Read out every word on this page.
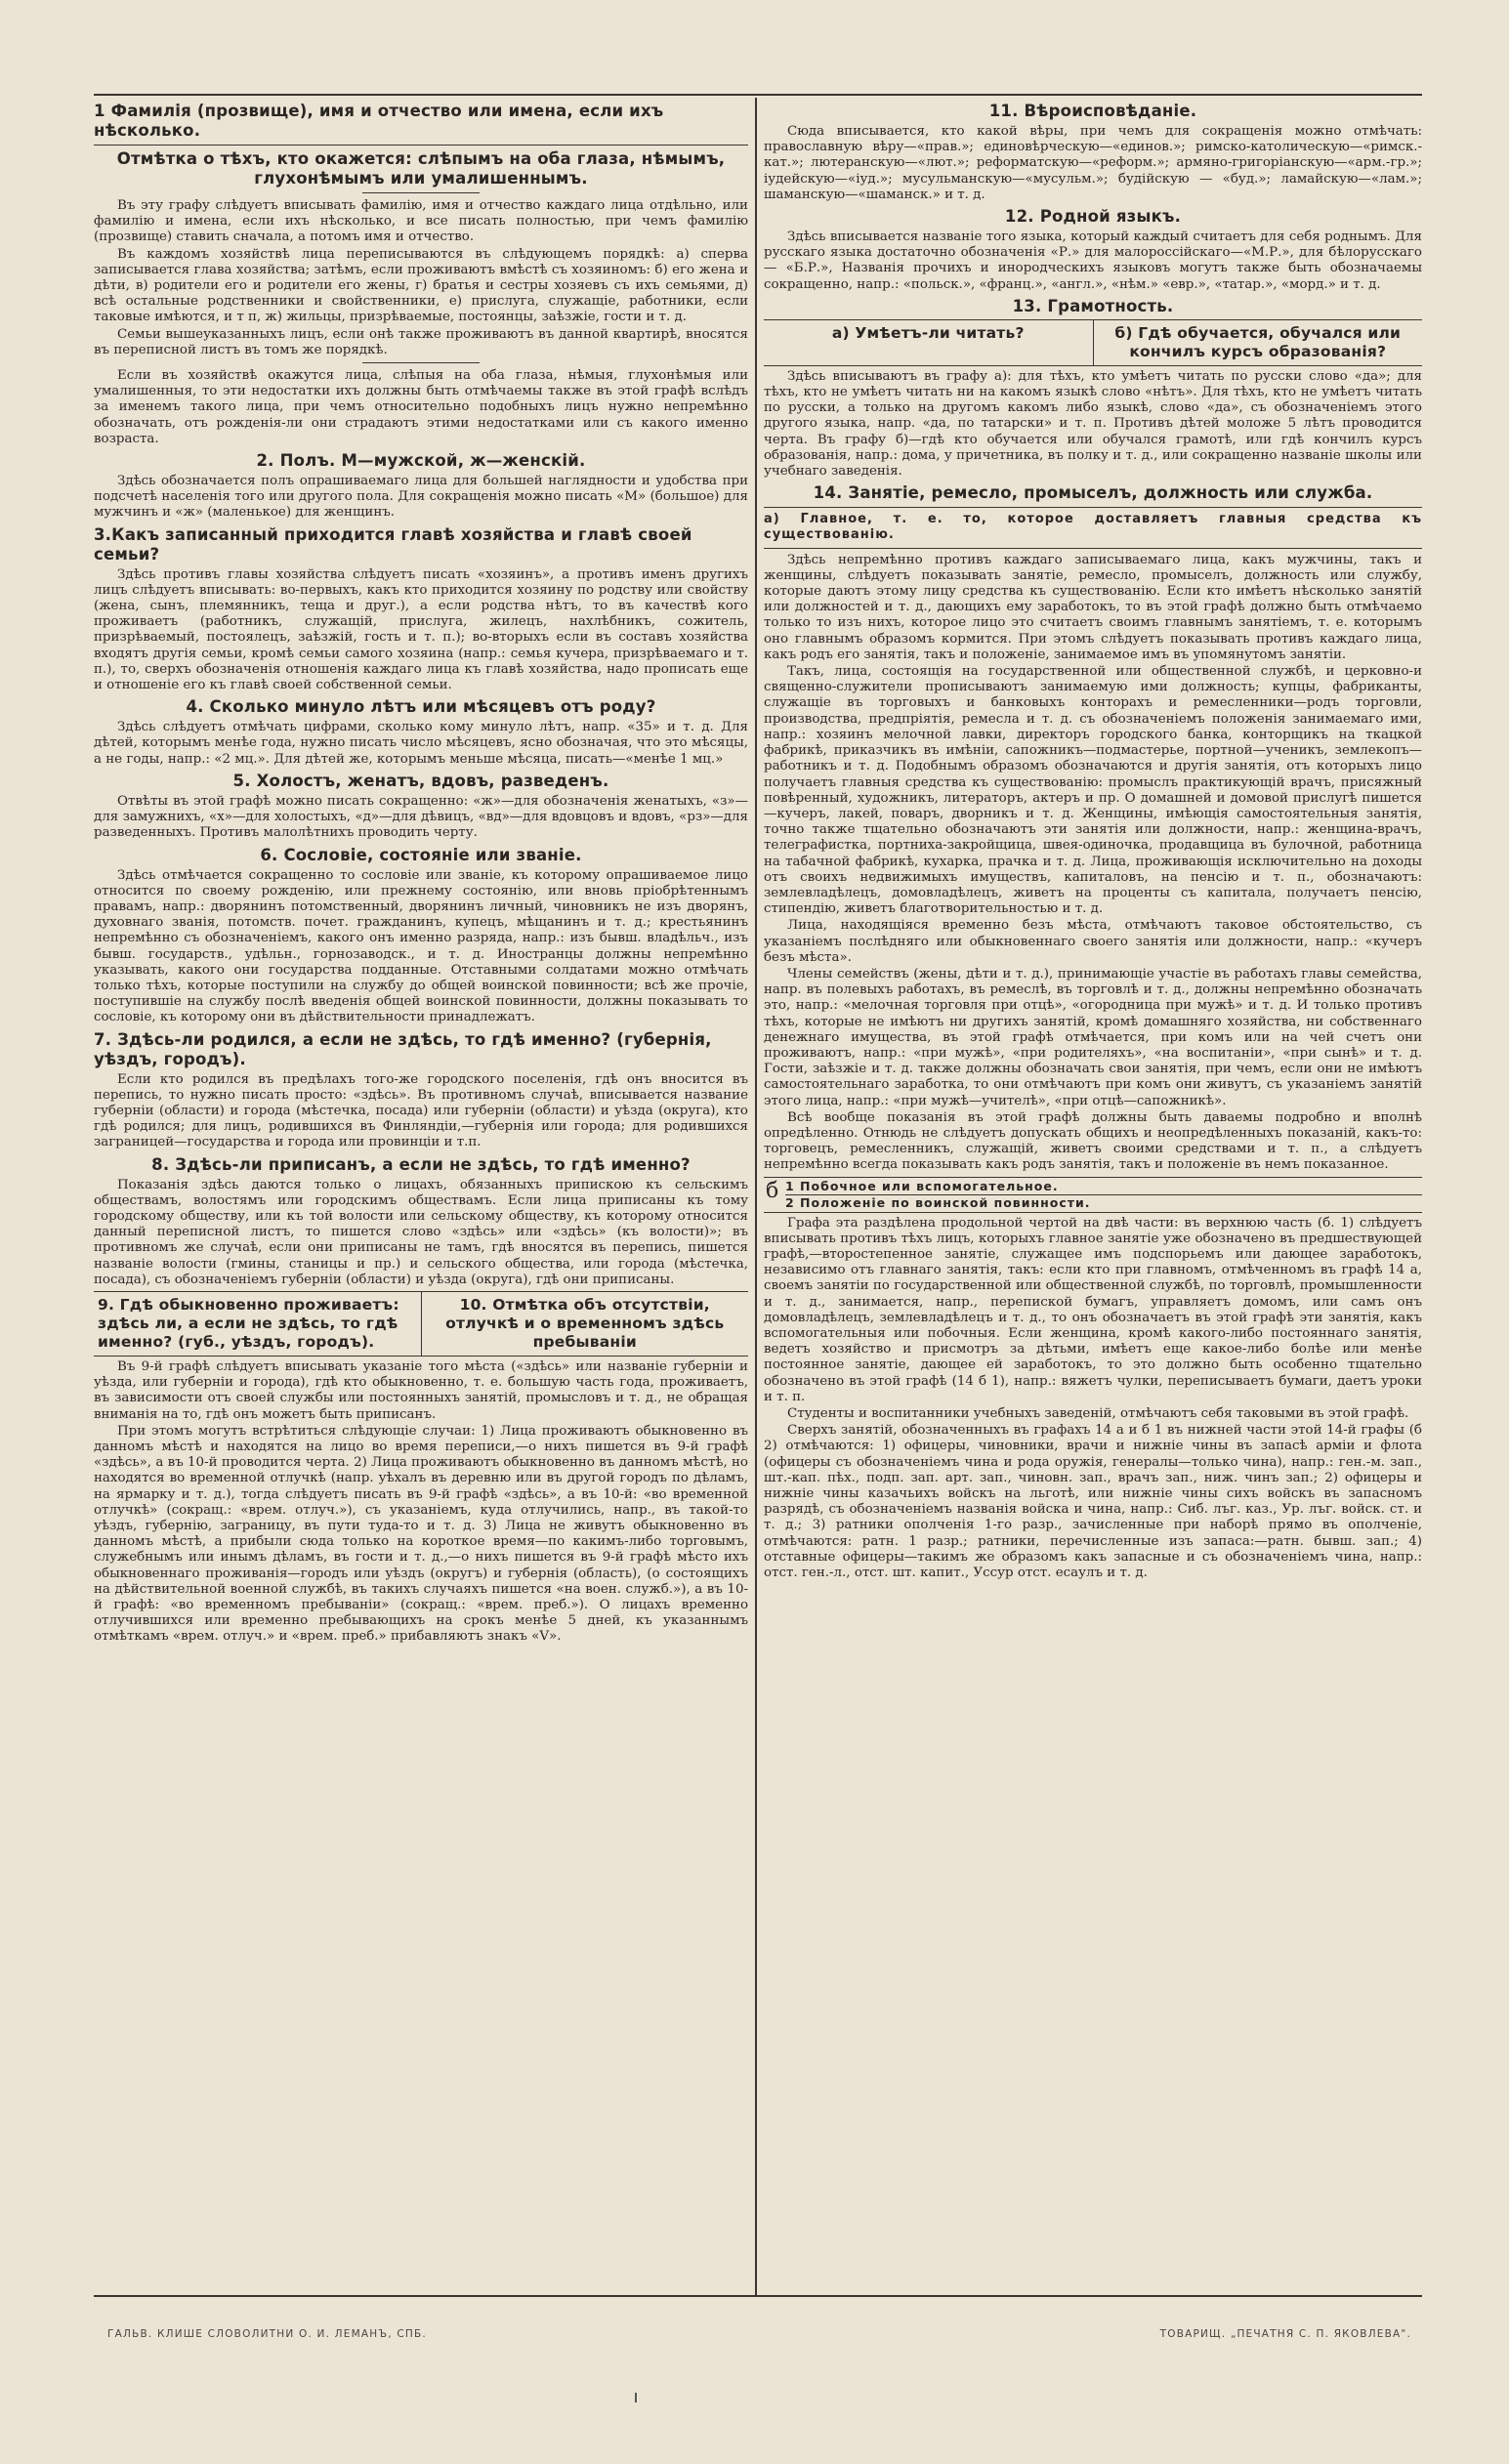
1 Фамилія (прозвище), имя и отчество или имена, если ихъ нѣсколько.
Отмѣтка о тѣхъ, кто окажется: слѣпымъ на оба глаза, нѣмымъ, глухонѣмымъ или умалишеннымъ.

Въ эту графу слѣдуетъ вписывать фамилію, имя и отчество каждаго лица отдѣльно, или фамилію и имена, если ихъ нѣсколько, и все писать полностью, при чемъ фамилію (прозвище) ставить сначала, а потомъ имя и отчество.

Въ каждомъ хозяйствѣ лица переписываются въ слѣдующемъ порядкѣ: а) сперва записывается глава хозяйства; затѣмъ, если проживаютъ вмѣстѣ съ хозяиномъ: б) его жена и дѣти, в) родители его и родители его жены, г) братья и сестры хозяевъ съ ихъ семьями, д) всѣ остальные родственники и свойственники, е) прислуга, служащіе, работники, если таковые имѣются, и т п, ж) жильцы, призрѣваемые, постоянцы, заѣзжіе, гости и т. д.

Семьи вышеуказанныхъ лицъ, если онѣ также проживаютъ въ данной квартирѣ, вносятся въ переписной листъ въ томъ же порядкѣ.

Если въ хозяйствѣ окажутся лица, слѣпыя на оба глаза, нѣмыя, глухонѣмыя или умалишенныя, то эти недостатки ихъ должны быть отмѣчаемы также въ этой графѣ вслѣдъ за именемъ такого лица, при чемъ относительно подобныхъ лицъ нужно непремѣнно обозначать, отъ рожденія-ли они страдаютъ этими недостатками или съ какого именно возраста.

2. Полъ. М—мужской, ж—женскій.

Здѣсь обозначается полъ опрашиваемаго лица для большей наглядности и удобства при подсчетѣ населенія того или другого пола. Для сокращенія можно писать «М» (большое) для мужчинъ и «ж» (маленькое) для женщинъ.

3.Какъ записанный приходится главѣ хозяйства и главѣ своей семьи?

Здѣсь противъ главы хозяйства слѣдуетъ писать «хозяинъ», а противъ именъ другихъ лицъ слѣдуетъ вписывать: во-первыхъ, какъ кто приходится хозяину по родству или свойству (жена, сынъ, племянникъ, теща и друг.), а если родства нѣтъ, то въ качествѣ кого проживаетъ (работникъ, служащій, прислуга, жилецъ, нахлѣбникъ, сожитель, призрѣваемый, постоялецъ, заѣзжій, гость и т. п.); во-вторыхъ если въ составъ хозяйства входятъ другія семьи, кромѣ семьи самого хозяина (напр.: семья кучера, призрѣваемаго и т. п.), то, сверхъ обозначенія отношенія каждаго лица къ главѣ хозяйства, надо прописать еще и отношеніе его къ главѣ своей собственной семьи.

4. Сколько минуло лѣтъ или мѣсяцевъ отъ роду?

Здѣсь слѣдуетъ отмѣчать цифрами, сколько кому минуло лѣтъ, напр. «35» и т. д. Для дѣтей, которымъ менѣе года, нужно писать число мѣсяцевъ, ясно обозначая, что это мѣсяцы, а не годы, напр.: «2 мц.». Для дѣтей же, которымъ меньше мѣсяца, писать—«менѣе 1 мц.»

5. Холостъ, женатъ, вдовъ, разведенъ.

Отвѣты въ этой графѣ можно писать сокращенно: «ж»—для обозначенія женатыхъ, «з»—для замужнихъ, «х»—для холостыхъ, «д»—для дѣвицъ, «вд»—для вдовцовъ и вдовъ, «рз»—для разведенныхъ. Противъ малолѣтнихъ проводить черту.

6. Сословіе, состояніе или званіе.

Здѣсь отмѣчается сокращенно то сословіе или званіе, къ которому опрашиваемое лицо относится по своему рожденію, или прежнему состоянію, или вновь пріобрѣтеннымъ правамъ, напр.: дворянинъ потомственный, дворянинъ личный, чиновникъ не изъ дворянъ, духовнаго званія, потомств. почет. гражданинъ, купецъ, мѣщанинъ и т. д.; крестьянинъ непремѣнно съ обозначеніемъ, какого онъ именно разряда, напр.: изъ бывш. владѣльч., изъ бывш. государств., удѣльн., горнозаводск., и т. д. Иностранцы должны непремѣнно указывать, какого они государства подданные. Отставными солдатами можно отмѣчать только тѣхъ, которые поступили на службу до общей воинской повинности; всѣ же прочіе, поступившіе на службу послѣ введенія общей воинской повинности, должны показывать то сословіе, къ которому они въ дѣйствительности принадлежатъ.

7. Здѣсь-ли родился, а если не здѣсь, то гдѣ именно? (губернія, уѣздъ, городъ).

Если кто родился въ предѣлахъ того-же городского поселенія, гдѣ онъ вносится въ перепись, то нужно писать просто: «здѣсь». Въ противномъ случаѣ, вписывается название губерніи (области) и города (мѣстечка, посада) или губерніи (области) и уѣзда (округа), кто гдѣ родился; для лицъ, родившихся въ Финляндіи,—губернія или города; для родившихся заграницей—государства и города или провинціи и т.п.

8. Здѣсь-ли приписанъ, а если не здѣсь, то гдѣ именно?

Показанія здѣсь даются только о лицахъ, обязанныхъ припискою къ сельскимъ обществамъ, волостямъ или городскимъ обществамъ. Если лица приписаны къ тому городскому обществу, или къ той волости или сельскому обществу, къ которому относится данный переписной листъ, то пишется слово «здѣсь» или «здѣсь» (къ волости)»; въ противномъ же случаѣ, если они приписаны не тамъ, гдѣ вносятся въ перепись, пишется названіе волости (гмины, станицы и пр.) и сельского общества, или города (мѣстечка, посада), съ обозначеніемъ губерніи (области) и уѣзда (округа), гдѣ они приписаны.

9. Гдѣ обыкновенно проживаетъ: здѣсь ли, а если не здѣсь, то гдѣ именно? (губ., уѣздъ, городъ).
10. Отмѣтка объ отсутствіи, отлучкѣ и о временномъ здѣсь пребываніи

Въ 9-й графѣ слѣдуетъ вписывать указаніе того мѣста («здѣсь» или названіе губерніи и уѣзда, или губерніи и города), гдѣ кто обыкновенно, т. е. большую часть года, проживаетъ, въ зависимости отъ своей службы или постоянныхъ занятій, промысловъ и т. д., не обращая вниманія на то, гдѣ онъ можетъ быть приписанъ.

При этомъ могутъ встрѣтиться слѣдующіе случаи: 1) Лица проживаютъ обыкновенно въ данномъ мѣстѣ и находятся на лицо во время переписи,—о нихъ пишется въ 9-й графѣ «здѣсь», а въ 10-й проводится черта. 2) Лица проживаютъ обыкновенно въ данномъ мѣстѣ, но находятся во временной отлучкѣ (напр. уѣхалъ въ деревню или въ другой городъ по дѣламъ, на ярмарку и т. д.), тогда слѣдуетъ писать въ 9-й графѣ «здѣсь», а въ 10-й: «во временной отлучкѣ» (сокращ.: «врем. отлуч.»), съ указаніемъ, куда отлучились, напр., въ такой-то уѣздъ, губернію, заграницу, въ пути туда-то и т. д. 3) Лица не живутъ обыкновенно въ данномъ мѣстѣ, а прибыли сюда только на короткое время—по какимъ-либо торговымъ, служебнымъ или инымъ дѣламъ, въ гости и т. д.,—о нихъ пишется въ 9-й графѣ мѣсто ихъ обыкновеннаго проживанія—городъ или уѣздъ (округъ) и губернія (область), (о состоящихъ на дѣйствительной военной службѣ, въ такихъ случаяхъ пишется «на воен. служб.»), а въ 10-й графѣ: «во временномъ пребываніи» (сокращ.: «врем. преб.»). О лицахъ временно отлучившихся или временно пребывающихъ на срокъ менѣе 5 дней, къ указаннымъ отмѣткамъ «врем. отлуч.» и «врем. преб.» прибавляютъ знакъ «V».

11. Вѣроисповѣданіе.

Сюда вписывается, кто какой вѣры, при чемъ для сокращенія можно отмѣчать: православную вѣру—«прав.»; единовѣрческую—«единов.»; римско-католическую—«римск.-кат.»; лютеранскую—«лют.»; реформатскую—«реформ.»; армяно-григоріанскую—«арм.-гр.»; іудейскую—«іуд.»; мусульманскую—«мусульм.»; будійскую — «буд.»; ламайскую—«лам.»; шаманскую—«шаманск.» и т. д.

12. Родной языкъ.

Здѣсь вписывается названіе того языка, который каждый считаетъ для себя роднымъ. Для русскаго языка достаточно обозначенія «Р.» для малороссійскаго—«М.Р.», для бѣлорусскаго — «Б.Р.», Названія прочихъ и инородческихъ языковъ могутъ также быть обозначаемы сокращенно, напр.: «польск.», «франц.», «англ.», «нѣм.» «евр.», «татар.», «морд.» и т. д.

13. Грамотность.
а) Умѣетъ-ли читать?	б) Гдѣ обучается, обучался или кончилъ курсъ образованія?

Здѣсь вписываютъ въ графу а): для тѣхъ, кто умѣетъ читать по русски слово «да»; для тѣхъ, кто не умѣетъ читать ни на какомъ языкѣ слово «нѣтъ». Для тѣхъ, кто не умѣетъ читать по русски, а только на другомъ какомъ либо языкѣ, слово «да», съ обозначеніемъ этого другого языка, напр. «да, по татарски» и т. п. Противъ дѣтей моложе 5 лѣтъ проводится черта. Въ графу б)—гдѣ кто обучается или обучался грамотѣ, или гдѣ кончилъ курсъ образованія, напр.: дома, у причетника, въ полку и т. д., или сокращенно названіе школы или учебнаго заведенія.

14. Занятіе, ремесло, промыселъ, должность или служба.

а) Главное, т. е. то, которое доставляетъ главныя средства къ существованію.

Здѣсь непремѣнно противъ каждаго записываемаго лица, какъ мужчины, такъ и женщины, слѣдуетъ показывать занятіе, ремесло, промыселъ, должность или службу, которые даютъ этому лицу средства къ существованію. Если кто имѣетъ нѣсколько занятій или должностей и т. д., дающихъ ему заработокъ, то въ этой графѣ должно быть отмѣчаемо только то изъ нихъ, которое лицо это считаетъ своимъ главнымъ занятіемъ, т. е. которымъ оно главнымъ образомъ кормится. При этомъ слѣдуетъ показывать противъ каждаго лица, какъ родъ его занятія, такъ и положеніе, занимаемое имъ въ упомянутомъ занятіи.

Такъ, лица, состоящія на государственной или общественной службѣ, и церковно-и священно-служители прописываютъ занимаемую ими должность; купцы, фабриканты, служащіе въ торговыхъ и банковыхъ конторахъ и ремесленники—родъ торговли, производства, предпріятія, ремесла и т. д. съ обозначеніемъ положенія занимаемаго ими, напр.: хозяинъ мелочной лавки, директоръ городского банка, конторщикъ на ткацкой фабрикѣ, приказчикъ въ имѣніи, сапожникъ—подмастерье, портной—ученикъ, землекопъ—работникъ и т. д. Подобнымъ образомъ обозначаются и другія занятія, отъ которыхъ лицо получаетъ главныя средства къ существованію: промыслъ практикующій врачъ, присяжный повѣренный, художникъ, литераторъ, актеръ и пр. О домашней и домовой прислугѣ пишется—кучеръ, лакей, поваръ, дворникъ и т. д. Женщины, имѣющія самостоятельныя занятія, точно также тщательно обозначаютъ эти занятія или должности, напр.: женщина-врачъ, телеграфистка, портниха-закройщица, швея-одиночка, продавщица въ булочной, работница на табачной фабрикѣ, кухарка, прачка и т. д. Лица, проживающія исключительно на доходы отъ своихъ недвижимыхъ имуществъ, капиталовъ, на пенсію и т. п., обозначаютъ: землевладѣлецъ, домовладѣлецъ, живетъ на проценты съ капитала, получаетъ пенсію, стипендію, живетъ благотворительностью и т. д.

Лица, находящіяся временно безъ мѣста, отмѣчаютъ таковое обстоятельство, съ указаніемъ послѣдняго или обыкновеннаго своего занятія или должности, напр.: «кучеръ безъ мѣста».

Члены семействъ (жены, дѣти и т. д.), принимающіе участіе въ работахъ главы семейства, напр. въ полевыхъ работахъ, въ ремеслѣ, въ торговлѣ и т. д., должны непремѣнно обозначать это, напр.: «мелочная торговля при отцѣ», «огородница при мужѣ» и т. д. И только противъ тѣхъ, которые не имѣютъ ни другихъ занятій, кромѣ домашняго хозяйства, ни собственнаго денежнаго имущества, въ этой графѣ отмѣчается, при комъ или на чей счетъ они проживаютъ, напр.: «при мужѣ», «при родителяхъ», «на воспитаніи», «при сынѣ» и т. д. Гости, заѣзжіе и т. д. также должны обозначать свои занятія, при чемъ, если они не имѣютъ самостоятельнаго заработка, то они отмѣчаютъ при комъ они живутъ, съ указаніемъ занятій этого лица, напр.: «при мужѣ—учителѣ», «при отцѣ—сапожникѣ».

Всѣ вообще показанія въ этой графѣ должны быть даваемы подробно и вполнѣ опредѣленно. Отнюдь не слѣдуетъ допускать общихъ и неопредѣленныхъ показаній, какъ-то: торговецъ, ремесленникъ, служащій, живетъ своими средствами и т. п., а слѣдуетъ непремѣнно всегда показывать какъ родъ занятія, такъ и положеніе въ немъ показанное.

б 1 Побочное или вспомогательное.
2 Положеніе по воинской повинности.

Графа эта раздѣлена продольной чертой на двѣ части: въ верхнюю часть (б. 1) слѣдуетъ вписывать противъ тѣхъ лицъ, которыхъ главное занятіе уже обозначено въ предшествующей графѣ,—второстепенное занятіе, служащее имъ подспорьемъ или дающее заработокъ, независимо отъ главнаго занятія, такъ: если кто при главномъ, отмѣченномъ въ графѣ 14 а, своемъ занятіи по государственной или общественной службѣ, по торговлѣ, промышленности и т. д., занимается, напр., перепиской бумагъ, управляетъ домомъ, или самъ онъ домовладѣлецъ, землевладѣлецъ и т. д., то онъ обозначаетъ въ этой графѣ эти занятія, какъ вспомогательныя или побочныя. Если женщина, кромѣ какого-либо постояннаго занятія, ведетъ хозяйство и присмотръ за дѣтьми, имѣетъ еще какое-либо болѣе или менѣе постоянное занятіе, дающее ей заработокъ, то это должно быть особенно тщательно обозначено въ этой графѣ (14 б 1), напр.: вяжетъ чулки, переписываетъ бумаги, даетъ уроки и т. п.

Студенты и воспитанники учебныхъ заведеній, отмѣчаютъ себя таковыми въ этой графѣ.

Сверхъ занятій, обозначенныхъ въ графахъ 14 а и б 1 въ нижней части этой 14-й графы (б 2) отмѣчаются: 1) офицеры, чиновники, врачи и нижніе чины въ запасѣ арміи и флота (офицеры съ обозначеніемъ чина и рода оружія, генералы—только чина), напр.: ген.-м. зап., шт.-кап. пѣх., подп. зап. арт. зап., чиновн. зап., врачъ зап., ниж. чинъ зап.; 2) офицеры и нижніе чины казачьихъ войскъ на льготѣ, или нижніе чины сихъ войскъ въ запасномъ разрядѣ, съ обозначеніемъ названія войска и чина, напр.: Сиб. лъг. каз., Ур. лъг. войск. ст. и т. д.; 3) ратники ополченія 1-го разр., зачисленные при наборѣ прямо въ ополченіе, отмѣчаются: ратн. 1 разр.; ратники, перечисленные изъ запаса:—ратн. бывш. зап.; 4) отставные офицеры—такимъ же образомъ какъ запасные и съ обозначеніемъ чина, напр.: отст. ген.-л., отст. шт. капит., Уссур отст. есаулъ и т. д.

ГАЛЬВ. КЛИШЕ СЛОВОЛИТНИ О. И. ЛЕМАНЪ, СПБ.	ТОВАРИЩ. „ПЕЧАТНЯ С. П. ЯКОВЛЕВА".
